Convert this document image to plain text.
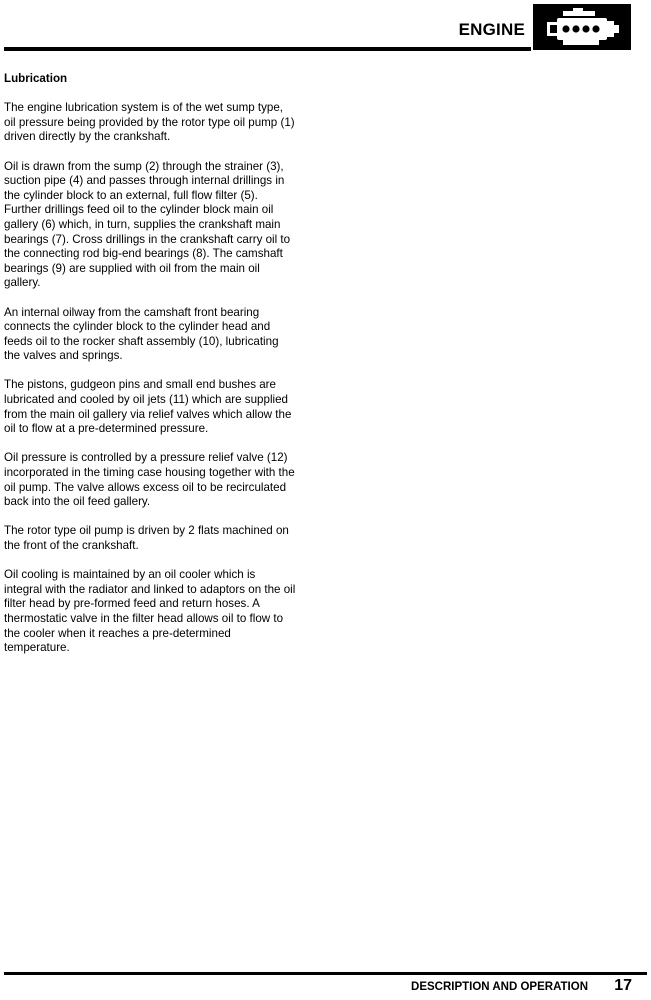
ENGINE
Lubrication

The engine lubrication system is of the wet sump type, oil pressure being provided by the rotor type oil pump (1) driven directly by the crankshaft.

Oil is drawn from the sump (2) through the strainer (3), suction pipe (4) and passes through internal drillings in the cylinder block to an external, full flow filter (5). Further drillings feed oil to the cylinder block main oil gallery (6) which, in turn, supplies the crankshaft main bearings (7). Cross drillings in the crankshaft carry oil to the connecting rod big-end bearings (8). The camshaft bearings (9) are supplied with oil from the main oil gallery.

An internal oilway from the camshaft front bearing connects the cylinder block to the cylinder head and feeds oil to the rocker shaft assembly (10), lubricating the valves and springs.

The pistons, gudgeon pins and small end bushes are lubricated and cooled by oil jets (11) which are supplied from the main oil gallery via relief valves which allow the oil to flow at a pre-determined pressure.

Oil pressure is controlled by a pressure relief valve (12) incorporated in the timing case housing together with the oil pump. The valve allows excess oil to be recirculated back into the oil feed gallery.

The rotor type oil pump is driven by 2 flats machined on the front of the crankshaft.

Oil cooling is maintained by an oil cooler which is integral with the radiator and linked to adaptors on the oil filter head by pre-formed feed and return hoses. A thermostatic valve in the filter head allows oil to flow to the cooler when it reaches a pre-determined temperature.

DESCRIPTION AND OPERATION 17
